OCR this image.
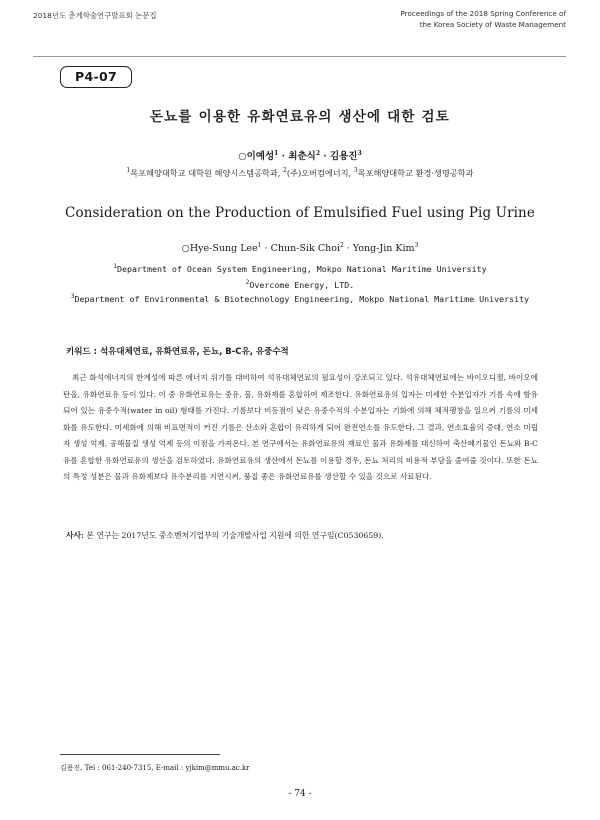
2018년도 춘계학술연구발표회 논문집	Proceedings of the 2018 Spring Conference of
the Korea Society of Waste Management
P4-07
돈뇨를 이용한 유화연료유의 생산에 대한 검토
○이예성$^1$ · 최춘식$^2$ · 김용진$^3$
$^1$목포해양대학교 대학원 해양시스템공학과, $^2$(주)오버컴에너지, $^3$목포해양대학교 환경·생명공학과
Consideration on the Production of Emulsified Fuel using Pig Urine
○Hye-Sung Lee$^1$ · Chun-Sik Choi$^2$ · Yong-Jin Kim$^3$
$^1$Department of Ocean System Engineering, Mokpo National Maritime University
$^2$Overcome Energy, LTD.
$^3$Department of Environmental & Biotechnology Engineering, Mokpo National Maritime University
키워드 : 석유대체연료, 유화연료유, 돈뇨, B-C유, 유중수적

최근 화석에너지의 한계성에 따른 에너지 위기를 대비하여 석유대체연료의 필요성이 강조되고 있다. 석유대체연료에는 바이오디젤, 바이오에탄올, 유화연료유 등이 있다. 이 중 유화연료유는 중유, 물, 유화제를 혼합하여 제조한다. 유화연료유의 입자는 미세한 수분입자가 기름 속에 함유되어 있는 유중수적(water in oil) 형태를 가진다. 기름보다 비등점이 낮은 유중수적의 수분입자는 기화에 의해 체적팽창을 일으켜 기름의 미세화를 유도한다. 미세화에 의해 비표면적이 커진 기름은 산소와 혼합이 유리하게 되어 완전연소를 유도한다. 그 결과, 연소효율의 증대, 연소 미립자 생성 억제, 공해물질 생성 억제 등의 이점을 가져온다. 본 연구에서는 유화연료유의 재료인 물과 유화제를 대신하여 축산폐기물인 돈뇨와 B-C유를 혼합한 유화연료유의 생산을 검토하였다. 유화연료유의 생산에서 돈뇨를 이용할 경우, 돈뇨 처리의 비용적 부담을 줄여줄 것이다. 또한 돈뇨의 특정 성분은 물과 유화제보다 유수분리를 지연시켜, 품질 좋은 유화연료유를 생산할 수 있을 것으로 사료된다.

사사: 본 연구는 2017년도 중소벤처기업부의 기술개발사업 지원에 의한 연구임(C0530659).
김용진, Tel : 061-240-7315, E-mail : yjkim@mmu.ac.kr
- 74 -
